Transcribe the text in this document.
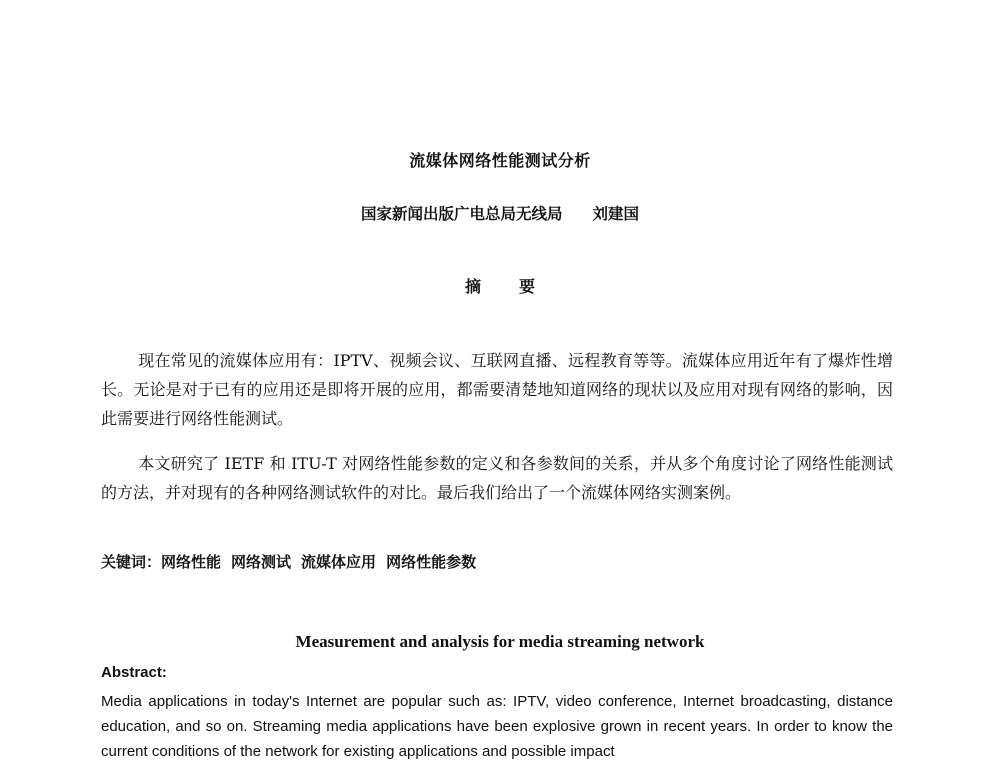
流媒体网络性能测试分析
国家新闻出版广电总局无线局 刘建国
摘 要
现在常见的流媒体应用有：IPTV、视频会议、互联网直播、远程教育等等。流媒体应用近年有了爆炸性增长。无论是对于已有的应用还是即将开展的应用，都需要清楚地知道网络的现状以及应用对现有网络的影响，因此需要进行网络性能测试。
本文研究了 IETF 和 ITU-T 对网络性能参数的定义和各参数间的关系，并从多个角度讨论了网络性能测试的方法，并对现有的各种网络测试软件的对比。最后我们给出了一个流媒体网络实测案例。
关键词：网络性能 网络测试 流媒体应用 网络性能参数
Measurement and analysis for media streaming network
Abstract:
Media applications in today's Internet are popular such as: IPTV, video conference, Internet broadcasting, distance education, and so on. Streaming media applications have been explosive grown in recent years. In order to know the current conditions of the network for existing applications and possible impact
